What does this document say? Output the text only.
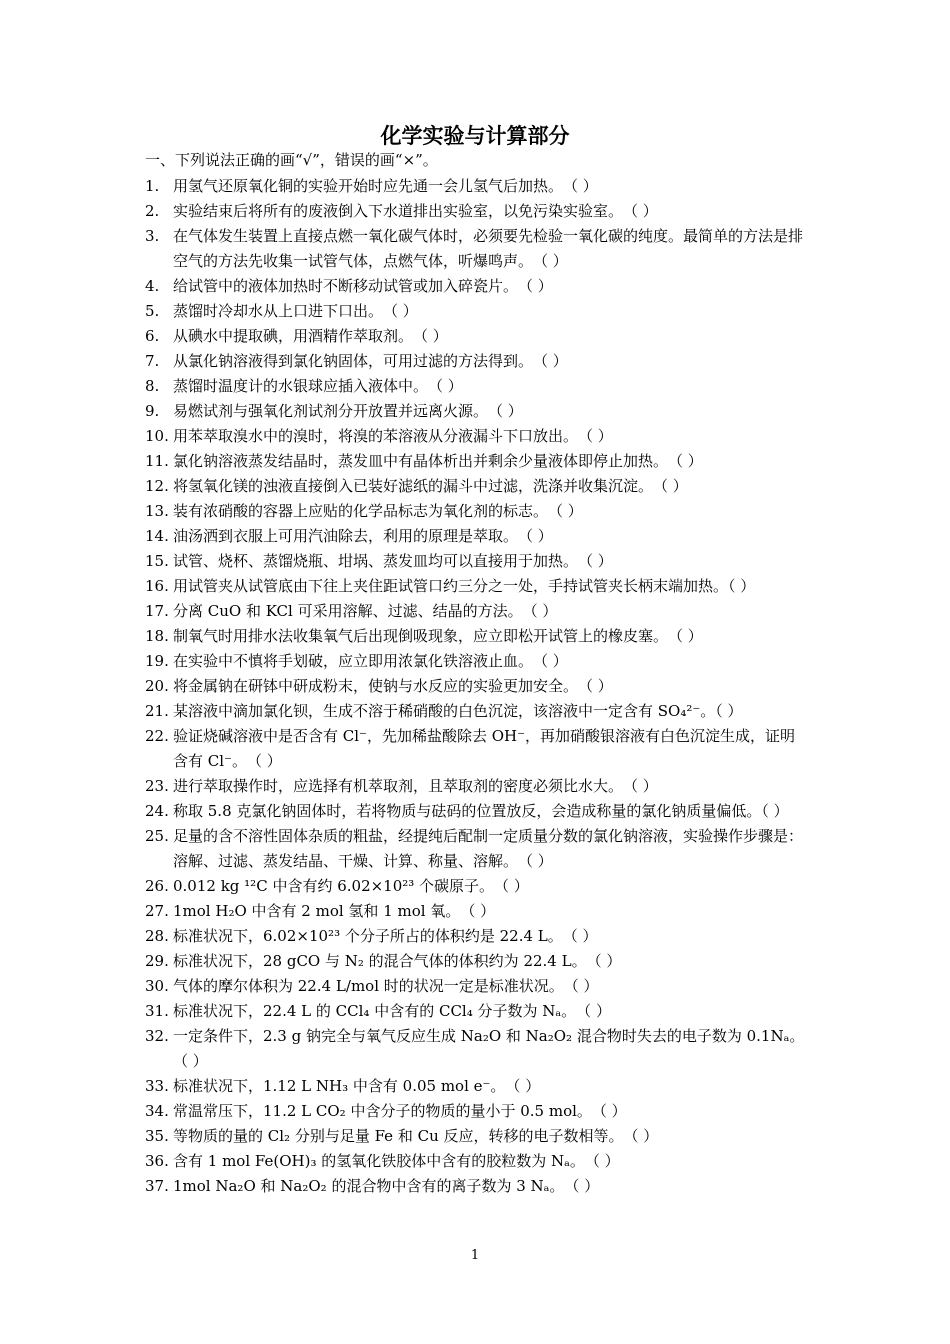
化学实验与计算部分
一、下列说法正确的画“√”，错误的画“×”。
1. 用氢气还原氧化铜的实验开始时应先通一会儿氢气后加热。　（ ）
2. 实验结束后将所有的废液倒入下水道排出实验室，以免污染实验室。　（ ）
3. 在气体发生装置上直接点燃一氧化碳气体时，必须要先检验一氧化碳的纯度。最简单的方法是排空气的方法先收集一试管气体，点燃气体，听爆鸣声。　（ ）
4. 给试管中的液体加热时不断移动试管或加入碎瓷片。　（ ）
5. 蒸馏时冷却水从上口进下口出。　（ ）
6. 从碘水中提取碘，用酒精作萃取剂。　（ ）
7. 从氯化钠溶液得到氯化钠固体，可用过滤的方法得到。　（ ）
8. 蒸馏时温度计的水银球应插入液体中。　（ ）
9. 易燃试剂与强氧化剂试剂分开放置并远离火源。　（ ）
10. 用苯萃取溴水中的溴时，将溴的苯溶液从分液漏斗下口放出。　（ ）
11. 氯化钠溶液蒸发结晶时，蒸发皿中有晶体析出并剩余少量液体即停止加热。　（ ）
12. 将氢氧化镁的浊液直接倒入已装好滤纸的漏斗中过滤，洗涤并收集沉淀。　（ ）
13. 装有浓硝酸的容器上应贴的化学品标志为氧化剂的标志。　（ ）
14. 油汤洒到衣服上可用汽油除去，利用的原理是萃取。　（ ）
15. 试管、烧杯、蒸馏烧瓶、坩埚、蒸发皿均可以直接用于加热。　（ ）
16. 用试管夹从试管底由下往上夹住距试管口约三分之一处，手持试管夹长柄末端加热。（ ）
17. 分离 CuO 和 KCl 可采用溶解、过滤、结晶的方法。　（ ）
18. 制氧气时用排水法收集氧气后出现倒吸现象，应立即松开试管上的橡皮塞。　（ ）
19. 在实验中不慎将手划破，应立即用浓氯化铁溶液止血。　（ ）
20. 将金属钠在研钵中研成粉末，使钠与水反应的实验更加安全。　（ ）
21. 某溶液中滴加氯化钡，生成不溶于稀硝酸的白色沉淀，该溶液中一定含有 SO₄²⁻。（ ）
22. 验证烧碱溶液中是否含有 Cl⁻，先加稀盐酸除去 OH⁻，再加硝酸银溶液有白色沉淀生成，证明含有 Cl⁻。　（ ）
23. 进行萃取操作时，应选择有机萃取剂，且萃取剂的密度必须比水大。　（ ）
24. 称取 5.8 克氯化钠固体时，若将物质与砝码的位置放反，会造成称量的氯化钠质量偏低。（ ）
25. 足量的含不溶性固体杂质的粗盐，经提纯后配制一定质量分数的氯化钠溶液，实验操作步骤是：溶解、过滤、蒸发结晶、干燥、计算、称量、溶解。　（ ）
26. 0.012 kg ¹²C 中含有约 6.02×10²³ 个碳原子。　（ ）
27. 1mol H₂O 中含有 2 mol 氢和 1 mol 氧。　（ ）
28. 标准状况下，6.02×10²³ 个分子所占的体积约是 22.4 L。　（ ）
29. 标准状况下，28 gCO 与 N₂ 的混合气体的体积约为 22.4 L。　（ ）
30. 气体的摩尔体积为 22.4 L/mol 时的状况一定是标准状况。　（ ）
31. 标准状况下，22.4 L 的 CCl₄ 中含有的 CCl₄ 分子数为 Nₐ。　（ ）
32. 一定条件下，2.3 g 钠完全与氧气反应生成 Na₂O 和 Na₂O₂ 混合物时失去的电子数为 0.1Nₐ。（ ）
33. 标准状况下，1.12 L NH₃ 中含有 0.05 mol e⁻。　（ ）
34. 常温常压下，11.2 L CO₂ 中含分子的物质的量小于 0.5 mol。　（ ）
35. 等物质的量的 Cl₂ 分别与足量 Fe 和 Cu 反应，转移的电子数相等。　（ ）
36. 含有 1 mol Fe(OH)₃ 的氢氧化铁胶体中含有的胶粒数为 Nₐ。　（ ）
37. 1mol Na₂O 和 Na₂O₂ 的混合物中含有的离子数为 3 Nₐ。　（ ）
1
